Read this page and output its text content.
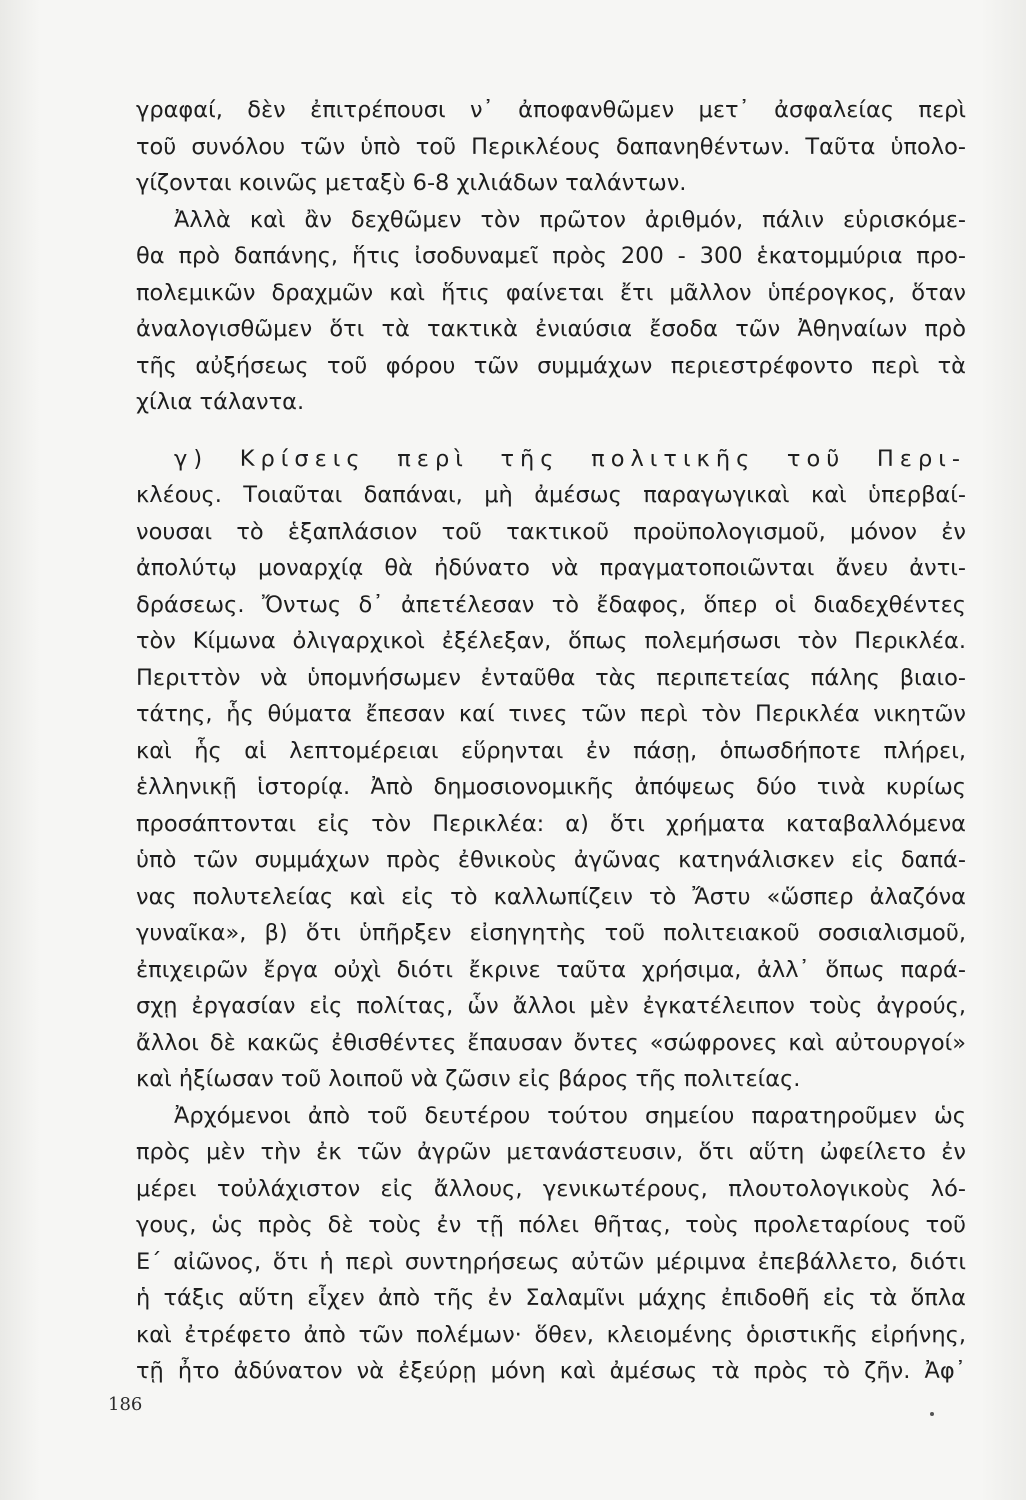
γραφαί, δὲν ἐπιτρέπουσι ν᾽ ἀποφανθῶμεν μετ᾽ ἀσφαλείας περὶ
τοῦ συνόλου τῶν ὑπὸ τοῦ Περικλέους δαπανηθέντων. Ταῦτα ὑπολο-
γίζονται κοινῶς μεταξὺ 6-8 χιλιάδων ταλάντων.
Ἀλλὰ καὶ ἂν δεχθῶμεν τὸν πρῶτον ἀριθμόν, πάλιν εὑρισκόμε-
θα πρὸ δαπάνης, ἥτις ἰσοδυναμεῖ πρὸς 200 - 300 ἑκατομμύρια προ-
πολεμικῶν δραχμῶν καὶ ἥτις φαίνεται ἔτι μᾶλλον ὑπέρογκος, ὅταν
ἀναλογισθῶμεν ὅτι τὰ τακτικὰ ἐνιαύσια ἔσοδα τῶν Ἀθηναίων πρὸ
τῆς αὐξήσεως τοῦ φόρου τῶν συμμάχων περιεστρέφοντο περὶ τὰ
χίλια τάλαντα.
γ) Κρίσεις περὶ τῆς πολιτικῆς τοῦ Περι-
κλέους. Τοιαῦται δαπάναι, μὴ ἀμέσως παραγωγικαὶ καὶ ὑπερβαί-
νουσαι τὸ ἑξαπλάσιον τοῦ τακτικοῦ προϋπολογισμοῦ, μόνον ἐν
ἀπολύτῳ μοναρχίᾳ θὰ ἠδύνατο νὰ πραγματοποιῶνται ἄνευ ἀντι-
δράσεως. Ὄντως δ᾽ ἀπετέλεσαν τὸ ἔδαφος, ὅπερ οἱ διαδεχθέντες
τὸν Κίμωνα ὀλιγαρχικοὶ ἐξέλεξαν, ὅπως πολεμήσωσι τὸν Περικλέα.
Περιττὸν νὰ ὑπομνήσωμεν ἐνταῦθα τὰς περιπετείας πάλης βιαιο-
τάτης, ἧς θύματα ἔπεσαν καί τινες τῶν περὶ τὸν Περικλέα νικητῶν
καὶ ἧς αἱ λεπτομέρειαι εὕρηνται ἐν πάσῃ, ὁπωσδήποτε πλήρει,
ἑλληνικῇ ἱστορίᾳ. Ἀπὸ δημοσιονομικῆς ἀπόψεως δύο τινὰ κυρίως
προσάπτονται εἰς τὸν Περικλέα: α) ὅτι χρήματα καταβαλλόμενα
ὑπὸ τῶν συμμάχων πρὸς ἐθνικοὺς ἀγῶνας κατηνάλισκεν εἰς δαπά-
νας πολυτελείας καὶ εἰς τὸ καλλωπίζειν τὸ Ἄστυ «ὥσπερ ἀλαζόνα
γυναῖκα», β) ὅτι ὑπῆρξεν εἰσηγητὴς τοῦ πολιτειακοῦ σοσιαλισμοῦ,
ἐπιχειρῶν ἔργα οὐχὶ διότι ἔκρινε ταῦτα χρήσιμα, ἀλλ᾽ ὅπως παρά-
σχῃ ἐργασίαν εἰς πολίτας, ὧν ἄλλοι μὲν ἐγκατέλειπον τοὺς ἀγρούς,
ἄλλοι δὲ κακῶς ἐθισθέντες ἔπαυσαν ὄντες «σώφρονες καὶ αὐτουργοί»
καὶ ἠξίωσαν τοῦ λοιποῦ νὰ ζῶσιν εἰς βάρος τῆς πολιτείας.
Ἀρχόμενοι ἀπὸ τοῦ δευτέρου τούτου σημείου παρατηροῦμεν ὡς
πρὸς μὲν τὴν ἐκ τῶν ἀγρῶν μετανάστευσιν, ὅτι αὕτη ὠφείλετο ἐν
μέρει τοὐλάχιστον εἰς ἄλλους, γενικωτέρους, πλουτολογικοὺς λό-
γους, ὡς πρὸς δὲ τοὺς ἐν τῇ πόλει θῆτας, τοὺς προλεταρίους τοῦ
Ε´ αἰῶνος, ὅτι ἡ περὶ συντηρήσεως αὐτῶν μέριμνα ἐπεβάλλετο, διότι
ἡ τάξις αὕτη εἶχεν ἀπὸ τῆς ἐν Σαλαμῖνι μάχης ἐπιδοθῆ εἰς τὰ ὅπλα
καὶ ἐτρέφετο ἀπὸ τῶν πολέμων· ὅθεν, κλειομένης ὁριστικῆς εἰρήνης,
τῇ ἦτο ἀδύνατον νὰ ἐξεύρῃ μόνη καὶ ἀμέσως τὰ πρὸς τὸ ζῆν. Ἀφ᾽
186
